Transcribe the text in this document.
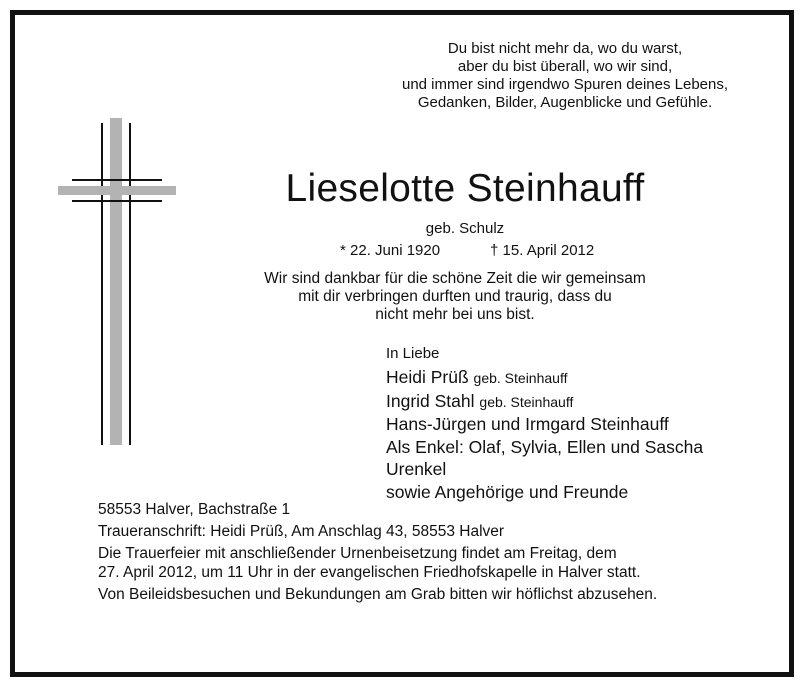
Du bist nicht mehr da, wo du warst,
aber du bist überall, wo wir sind,
und immer sind irgendwo Spuren deines Lebens,
Gedanken, Bilder, Augenblicke und Gefühle.
Lieselotte Steinhauff
geb. Schulz
* 22. Juni 1920	† 15. April 2012
Wir sind dankbar für die schöne Zeit die wir gemeinsam
mit dir verbringen durften und traurig, dass du
nicht mehr bei uns bist.
In Liebe
Heidi Prüß geb. Steinhauff
Ingrid Stahl geb. Steinhauff
Hans-Jürgen und Irmgard Steinhauff
Als Enkel: Olaf, Sylvia, Ellen und Sascha
Urenkel
sowie Angehörige und Freunde
58553 Halver, Bachstraße 1
Traueranschrift: Heidi Prüß, Am Anschlag 43, 58553 Halver
Die Trauerfeier mit anschließender Urnenbeisetzung findet am Freitag, dem
27. April 2012, um 11 Uhr in der evangelischen Friedhofskapelle in Halver statt.
Von Beileidsbesuchen und Bekundungen am Grab bitten wir höflichst abzusehen.
